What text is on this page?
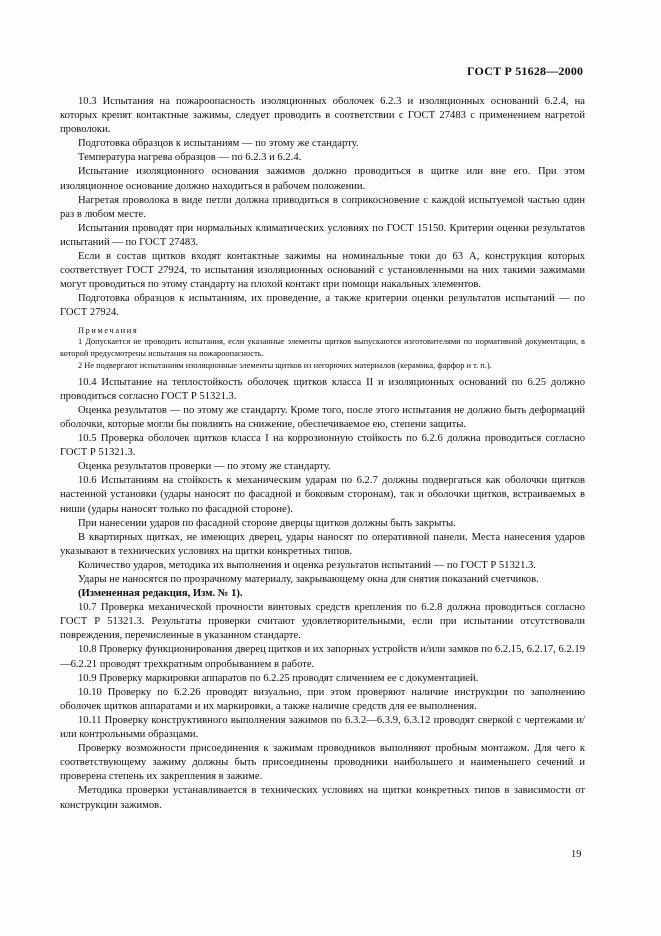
ГОСТ Р 51628—2000

10.3 Испытания на пожароопасность изоляционных оболочек 6.2.3 и изоляционных оснований 6.2.4, на которых крепят контактные зажимы, следует проводить в соответствии с ГОСТ 27483 с применением нагретой проволоки.

Подготовка образцов к испытаниям — по этому же стандарту.

Температура нагрева образцов — по 6.2.3 и 6.2.4.

Испытание изоляционного основания зажимов должно проводиться в щитке или вне его. При этом изоляционное основание должно находиться в рабочем положении.

Нагретая проволока в виде петли должна приводиться в соприкосновение с каждой испытуемой частью один раз в любом месте.

Испытания проводят при нормальных климатических условиях по ГОСТ 15150. Критерии оценки результатов испытаний — по ГОСТ 27483.

Если в состав щитков входят контактные зажимы на номинальные токи до 63 А, конструкция которых соответствует ГОСТ 27924, то испытания изоляционных оснований с установленными на них такими зажимами могут проводиться по этому стандарту на плохой контакт при помощи накальных элементов.

Подготовка образцов к испытаниям, их проведение, а также критерии оценки результатов испытаний — по ГОСТ 27924.

Примечания
1 Допускается не проводить испытания, если указанные элементы щитков выпускаются изготовителями по нормативной документации, в которой предусмотрены испытания на пожароопасность.
2 Не подвергают испытаниям изоляционные элементы щитков из негорючих материалов (керамика, фарфор и т. п.).

10.4 Испытание на теплостойкость оболочек щитков класса II и изоляционных оснований по 6.25 должно проводиться согласно ГОСТ Р 51321.3.

Оценка результатов — по этому же стандарту. Кроме того, после этого испытания не должно быть деформаций оболочки, которые могли бы повлиять на снижение, обеспечиваемое ею, степени защиты.

10.5 Проверка оболочек щитков класса I на коррозионную стойкость по 6.2.6 должна проводиться согласно ГОСТ Р 51321.3.

Оценка результатов проверки — по этому же стандарту.

10.6 Испытаниям на стойкость к механическим ударам по 6.2.7 должны подвергаться как оболочки щитков настенной установки (удары наносят по фасадной и боковым сторонам), так и оболочки щитков, встраиваемых в ниши (удары наносят только по фасадной стороне).

При нанесении ударов по фасадной стороне дверцы щитков должны быть закрыты.

В квартирных щитках, не имеющих дверец, удары наносят по оперативной панели. Места нанесения ударов указывают в технических условиях на щитки конкретных типов.

Количество ударов, методика их выполнения и оценка результатов испытаний — по ГОСТ Р 51321.3.

Удары не наносятся по прозрачному материалу, закрывающему окна для снятия показаний счетчиков.

(Измененная редакция, Изм. № 1).

10.7 Проверка механической прочности винтовых средств крепления по 6.2.8 должна проводиться согласно ГОСТ Р 51321.3. Результаты проверки считают удовлетворительными, если при испытании отсутствовали повреждения, перечисленные в указанном стандарте.

10.8 Проверку функционирования дверец щитков и их запорных устройств и/или замков по 6.2.15, 6.2.17, 6.2.19—6.2.21 проводят трехкратным опробыванием в работе.

10.9 Проверку маркировки аппаратов по 6.2.25 проводят сличением ее с документацией.

10.10 Проверку по 6.2.26 проводят визуально, при этом проверяют наличие инструкции по заполнению оболочек щитков аппаратами и их маркировки, а также наличие средств для ее выполнения.

10.11 Проверку конструктивного выполнения зажимов по 6.3.2—6.3.9, 6.3.12 проводят сверкой с чертежами и/или контрольными образцами.

Проверку возможности присоединения к зажимам проводников выполняют пробным монтажом. Для чего к соответствующему зажиму должны быть присоединены проводники наибольшего и наименьшего сечений и проверена степень их закрепления в зажиме.

Методика проверки устанавливается в технических условиях на щитки конкретных типов в зависимости от конструкции зажимов.

19
